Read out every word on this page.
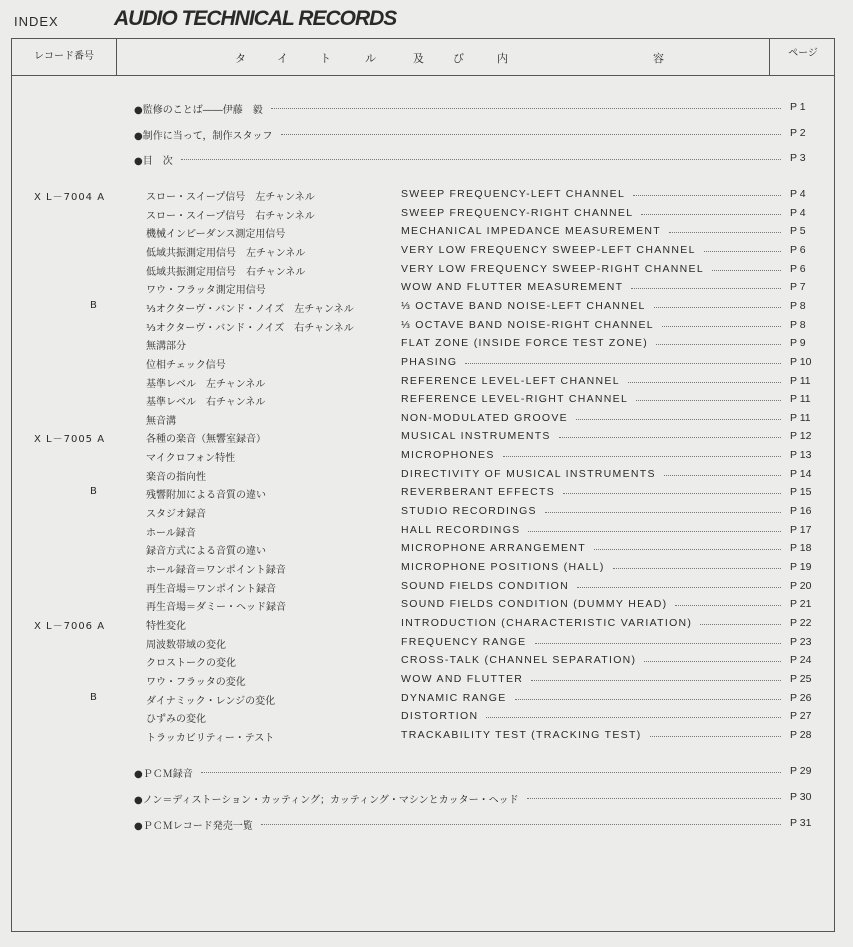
INDEX	AUDIO TECHNICAL RECORDS
レコード番号	タ	イ	ト	ル	及 び	内	容	ページ
●監修のことば――伊藤　毅	P 1
●制作に当って，制作スタッフ	P 2
●目　次	P 3
X L－7004 A	スロー・スイープ信号　左チャンネル	SWEEP FREQUENCY-LEFT CHANNEL	P 4
スロー・スイープ信号　右チャンネル	SWEEP FREQUENCY-RIGHT CHANNEL	P 4
機械インピーダンス測定用信号	MECHANICAL IMPEDANCE MEASUREMENT	P 5
低域共振測定用信号　左チャンネル	VERY LOW FREQUENCY SWEEP-LEFT CHANNEL	P 6
低域共振測定用信号　右チャンネル	VERY LOW FREQUENCY SWEEP-RIGHT CHANNEL	P 6
ワウ・フラッタ測定用信号	WOW AND FLUTTER MEASUREMENT	P 7
B	⅓オクターヴ・バンド・ノイズ　左チャンネル	⅓ OCTAVE BAND NOISE-LEFT CHANNEL	P 8
⅓オクターヴ・バンド・ノイズ　右チャンネル	⅓ OCTAVE BAND NOISE-RIGHT CHANNEL	P 8
無溝部分	FLAT ZONE (INSIDE FORCE TEST ZONE)	P 9
位相チェック信号	PHASING	P 10
基準レベル　左チャンネル	REFERENCE LEVEL-LEFT CHANNEL	P 11
基準レベル　右チャンネル	REFERENCE LEVEL-RIGHT CHANNEL	P 11
無音溝	NON-MODULATED GROOVE	P 11
X L－7005 A	各種の楽音（無響室録音）	MUSICAL INSTRUMENTS	P 12
マイクロフォン特性	MICROPHONES	P 13
楽音の指向性	DIRECTIVITY OF MUSICAL INSTRUMENTS	P 14
B	残響附加による音質の違い	REVERBERANT EFFECTS	P 15
スタジオ録音	STUDIO RECORDINGS	P 16
ホール録音	HALL RECORDINGS	P 17
録音方式による音質の違い	MICROPHONE ARRANGEMENT	P 18
ホール録音＝ワンポイント録音	MICROPHONE POSITIONS (HALL)	P 19
再生音場＝ワンポイント録音	SOUND FIELDS CONDITION	P 20
再生音場＝ダミー・ヘッド録音	SOUND FIELDS CONDITION (DUMMY HEAD)	P 21
X L－7006 A	特性変化	INTRODUCTION (CHARACTERISTIC VARIATION)	P 22
周波数帯域の変化	FREQUENCY RANGE	P 23
クロストークの変化	CROSS-TALK (CHANNEL SEPARATION)	P 24
ワウ・フラッタの変化	WOW AND FLUTTER	P 25
B	ダイナミック・レンジの変化	DYNAMIC RANGE	P 26
ひずみの変化	DISTORTION	P 27
トラッカビリティー・テスト	TRACKABILITY TEST (TRACKING TEST)	P 28
●ＰＣＭ録音	P 29
●ノン＝ディストーション・カッティング；カッティング・マシンとカッター・ヘッド	P 30
●ＰＣＭレコード発売一覧	P 31
